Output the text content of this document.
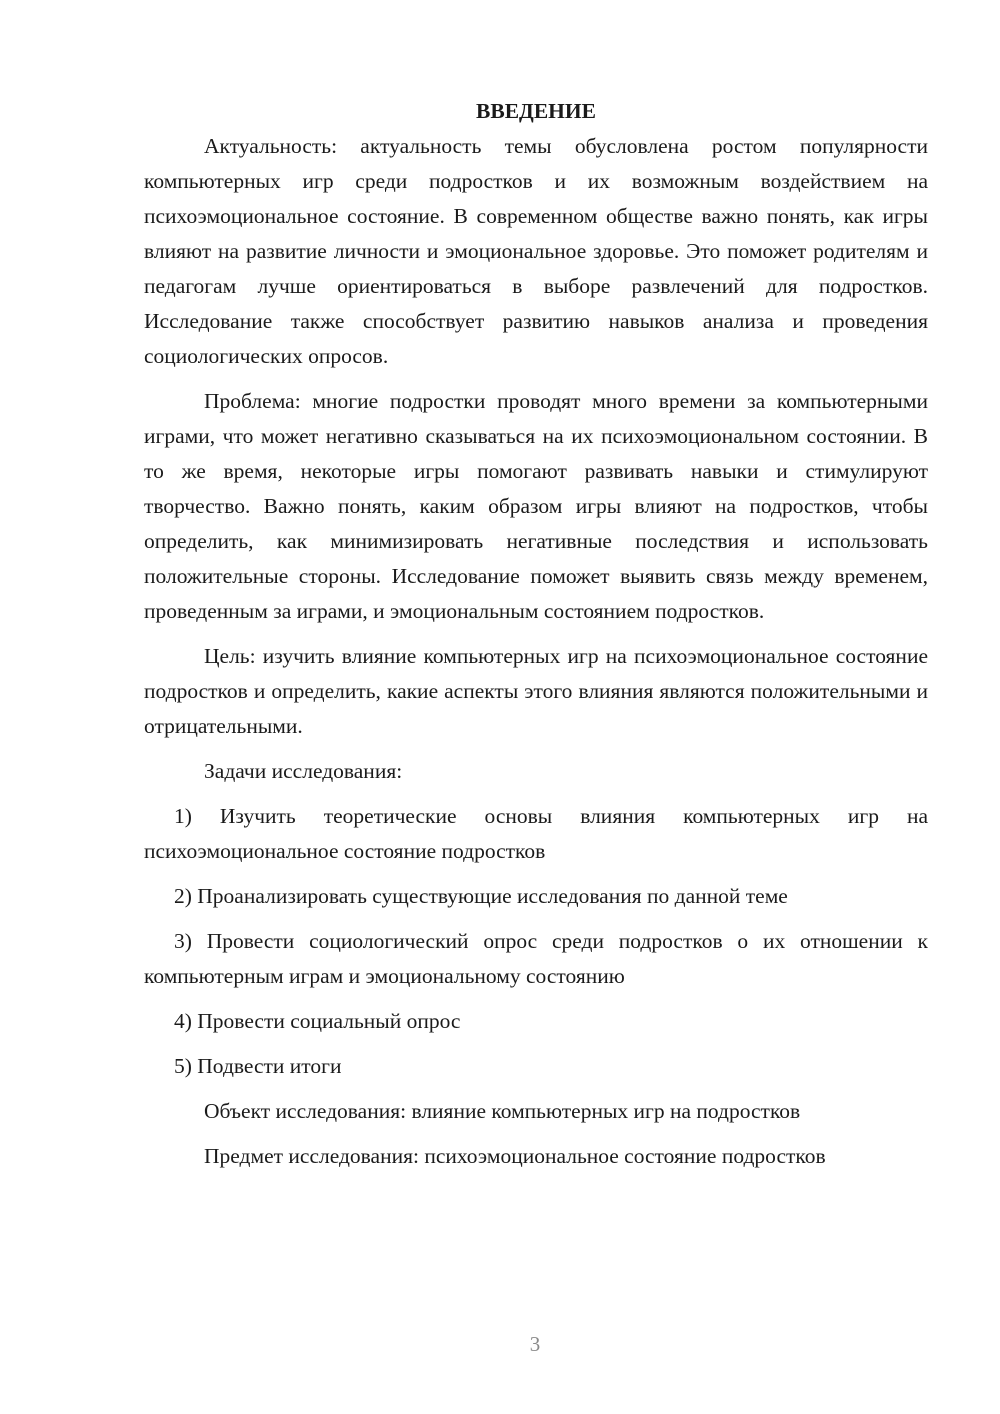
ВВЕДЕНИЕ

Актуальность: актуальность темы обусловлена ростом популярности компьютерных игр среди подростков и их возможным воздействием на психоэмоциональное состояние. В современном обществе важно понять, как игры влияют на развитие личности и эмоциональное здоровье. Это поможет родителям и педагогам лучше ориентироваться в выборе развлечений для подростков. Исследование также способствует развитию навыков анализа и проведения социологических опросов.

Проблема: многие подростки проводят много времени за компьютерными играми, что может негативно сказываться на их психоэмоциональном состоянии. В то же время, некоторые игры помогают развивать навыки и стимулируют творчество. Важно понять, каким образом игры влияют на подростков, чтобы определить, как минимизировать негативные последствия и использовать положительные стороны. Исследование поможет выявить связь между временем, проведенным за играми, и эмоциональным состоянием подростков.

Цель: изучить влияние компьютерных игр на психоэмоциональное состояние подростков и определить, какие аспекты этого влияния являются положительными и отрицательными.

Задачи исследования:

1) Изучить теоретические основы влияния компьютерных игр на психоэмоциональное состояние подростков

2) Проанализировать существующие исследования по данной теме

3) Провести социологический опрос среди подростков о их отношении к компьютерным играм и эмоциональному состоянию

4) Провести социальный опрос

5) Подвести итоги

Объект исследования: влияние компьютерных игр на подростков

Предмет исследования: психоэмоциональное состояние подростков

3
